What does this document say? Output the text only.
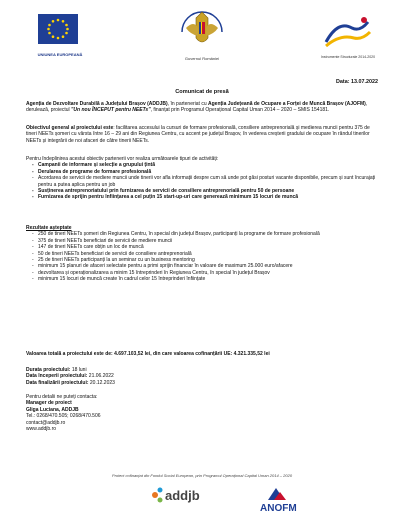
UNIUNEA EUROPEANĂ
Guvernul României	Instrumente Structurale 2014-2020
Data: 13.07.2022
Comunicat de presă
Agenția de Dezvoltare Durabilă a Județului Brașov (ADDJB), în parteneriat cu Agenția Județeană de Ocupare a Forței de Muncă Brașov (AJOFM), derulează, proiectul "Un nou ÎNCEPUT pentru NEETs", finanțat prin Programul Operațional Capital Uman 2014 – 2020 – SMIS 154181.
Obiectivul general al proiectului este: facilitarea accesului la cursuri de formare profesională, consiliere antreprenorială și medierea muncii pentru 375 de tineri NEETs șomeri cu vârsta între 16 – 29 ani din Regiunea Centru, cu accent pe județul Brașov, în vederea creșterii gradului de ocupare în rândul tinerilor NEETs și integrării de noi afaceri de către tinerii NEETs.
Pentru îndeplinirea acestui obiectiv partenerii vor realiza următoarele tipuri de activități:
- Campanii de informare și selecție a grupului țintă
- Derularea de programe de formare profesională
- Acordarea de servicii de mediere muncii unde tinerii vor afla informații despre cum să unde pot găsi posturi vacante disponibile, precum și sunt încurajați pentru a putea aplica pentru un job
- Susținerea antreprenoriatului prin furnizarea de servicii de consiliere antreprenorială pentru 50 de persoane
- Furnizarea de sprijin pentru înființarea a cel puțin 15 start-up-uri care generează minimum 15 locuri de muncă
Rezultate așteptate
- 250 de tineri NEETs șomeri din Regiunea Centru, în special din județul Brașov, participanți la programe de formare profesională
- 375 de tineri NEETs beneficiari de servicii de mediere muncii
- 147 de tineri NEETs care obțin un loc de muncă
- 50 de tineri NEETs beneficiari de servicii de consiliere antreprenorială
- 25 de tineri NEETs participanți la un seminar cu un business mentoring
- minimum 15 planuri de afaceri selectate pentru a primi sprijin financiar în valoare de maximum 25.000 euro/afacere
- dezvoltarea și operaționalizarea a minim 15 întreprinderi în Regiunea Centru, în special în județul Brașov
- minimum 15 locuri de muncă create în cadrul celor 15 întreprinderi înființate
Valoarea totală a proiectului este de: 4.697.103,52 lei, din care valoarea cofinanțării UE: 4.321.335,52 lei
Durata proiectului: 18 luni
Data începerii proiectului: 21.06.2022
Data finalizării proiectului: 20.12.2023
Pentru detalii ne puteți contacta:
Manager de proiect
Gliga Luciana, ADDJB
Tel.: 0268/470.505; 0268/470.506
contact@addjb.ro
www.addjb.ro
Proiect cofinanțat din Fondul Social European, prin Programul Operațional Capital Uman 2014 – 2020
addjb
ANOFM
